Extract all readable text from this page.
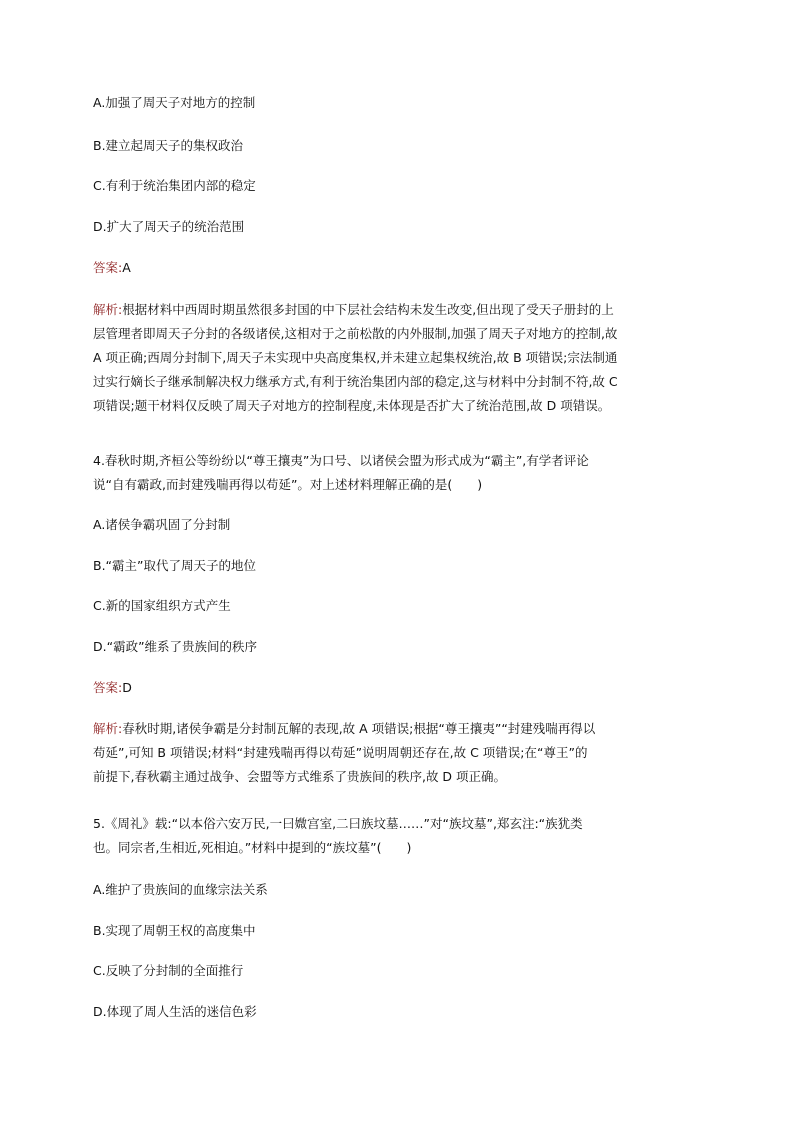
A.加强了周天子对地方的控制
B.建立起周天子的集权政治
C.有利于统治集团内部的稳定
D.扩大了周天子的统治范围
答案:A
解析:根据材料中西周时期虽然很多封国的中下层社会结构未发生改变,但出现了受天子册封的上
层管理者即周天子分封的各级诸侯,这相对于之前松散的内外服制,加强了周天子对地方的控制,故
A 项正确;西周分封制下,周天子未实现中央高度集权,并未建立起集权统治,故 B 项错误;宗法制通
过实行嫡长子继承制解决权力继承方式,有利于统治集团内部的稳定,这与材料中分封制不符,故 C
项错误;题干材料仅反映了周天子对地方的控制程度,未体现是否扩大了统治范围,故 D 项错误。
4.春秋时期,齐桓公等纷纷以“尊王攘夷”为口号、以诸侯会盟为形式成为“霸主”,有学者评论
说“自有霸政,而封建残喘再得以苟延”。对上述材料理解正确的是(　　)
A.诸侯争霸巩固了分封制
B.“霸主”取代了周天子的地位
C.新的国家组织方式产生
D.“霸政”维系了贵族间的秩序
答案:D
解析:春秋时期,诸侯争霸是分封制瓦解的表现,故 A 项错误;根据“尊王攘夷”“封建残喘再得以
苟延”,可知 B 项错误;材料“封建残喘再得以苟延”说明周朝还存在,故 C 项错误;在“尊王”的
前提下,春秋霸主通过战争、会盟等方式维系了贵族间的秩序,故 D 项正确。
5.《周礼》载:“以本俗六安万民,一曰媺宫室,二曰族坟墓……”对“族坟墓”,郑玄注:“族犹类
也。同宗者,生相近,死相迫。”材料中提到的“族坟墓”(　　)
A.维护了贵族间的血缘宗法关系
B.实现了周朝王权的高度集中
C.反映了分封制的全面推行
D.体现了周人生活的迷信色彩
